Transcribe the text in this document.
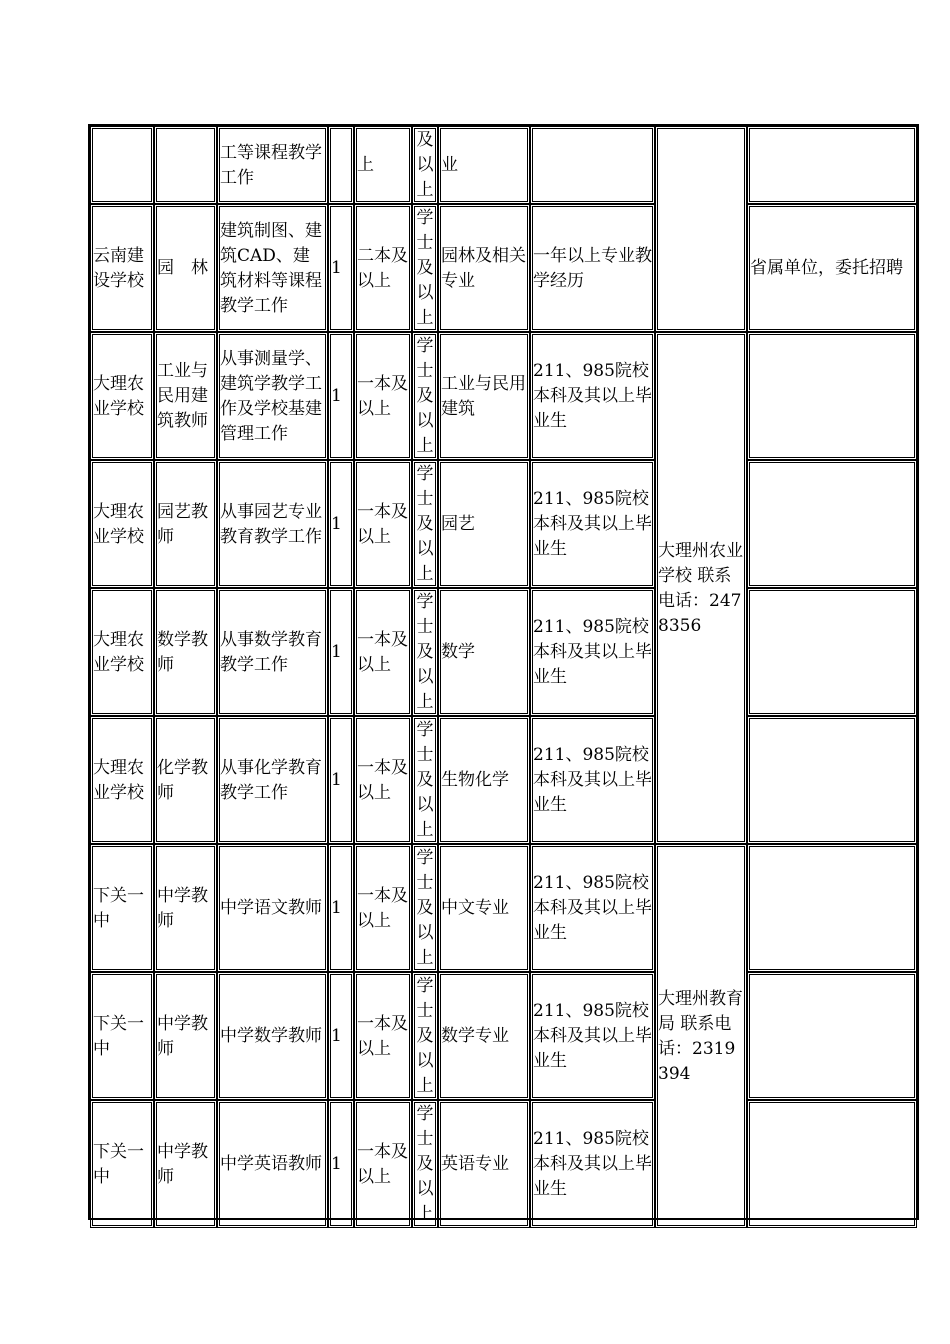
		工等课程教学工作		上	及以上	业			
云南建设学校	园　林	建筑制图、建筑CAD、建筑材料等课程教学工作	1	二本及以上	学士及以上	园林及相关专业	一年以上专业教学经历		省属单位，委托招聘
大理农业学校	工业与民用建筑教师	从事测量学、建筑学教学工作及学校基建管理工作	1	一本及以上	学士及以上	工业与民用建筑	211、985院校本科及其以上毕业生	大理州农业学校 联系电话：2478356	
大理农业学校	园艺教师	从事园艺专业教育教学工作	1	一本及以上	学士及以上	园艺	211、985院校本科及其以上毕业生		
大理农业学校	数学教师	从事数学教育教学工作	1	一本及以上	学士及以上	数学	211、985院校本科及其以上毕业生		
大理农业学校	化学教师	从事化学教育教学工作	1	一本及以上	学士及以上	生物化学	211、985院校本科及其以上毕业生		
下关一中	中学教师	中学语文教师	1	一本及以上	学士及以上	中文专业	211、985院校本科及其以上毕业生	大理州教育局 联系电话：2319394	
下关一中	中学教师	中学数学教师	1	一本及以上	学士及以上	数学专业	211、985院校本科及其以上毕业生		
下关一中	中学教师	中学英语教师	1	一本及以上	学士及以上	英语专业	211、985院校本科及其以上毕业生		
